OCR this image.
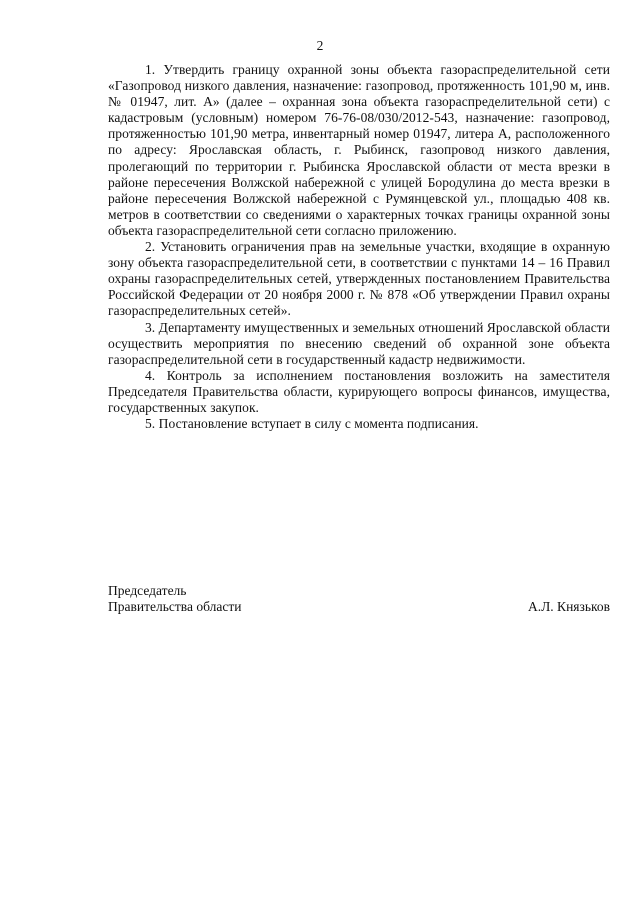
2

1. Утвердить границу охранной зоны объекта газораспределительной сети «Газопровод низкого давления, назначение: газопровод, протяженность 101,90 м, инв. № 01947, лит. А» (далее – охранная зона объекта газораспределительной сети) с кадастровым (условным) номером 76-76-08/030/2012-543, назначение: газопровод, протяженностью 101,90 метра, инвентарный номер 01947, литера А, расположенного по адресу: Ярославская область, г. Рыбинск, газопровод низкого давления, пролегающий по территории г. Рыбинска Ярославской области от места врезки в районе пересечения Волжской набережной с улицей Бородулина до места врезки в районе пересечения Волжской набережной с Румянцевской ул., площадью 408 кв. метров в соответствии со сведениями о характерных точках границы охранной зоны объекта газораспределительной сети согласно приложению.

2. Установить ограничения прав на земельные участки, входящие в охранную зону объекта газораспределительной сети, в соответствии с пунктами 14 – 16 Правил охраны газораспределительных сетей, утвержденных постановлением Правительства Российской Федерации от 20 ноября 2000 г. № 878 «Об утверждении Правил охраны газораспределительных сетей».

3. Департаменту имущественных и земельных отношений Ярославской области осуществить мероприятия по внесению сведений об охранной зоне объекта газораспределительной сети в государственный кадастр недвижимости.

4. Контроль за исполнением постановления возложить на заместителя Председателя Правительства области, курирующего вопросы финансов, имущества, государственных закупок.

5. Постановление вступает в силу с момента подписания.

Председатель
Правительства области	А.Л. Князьков
